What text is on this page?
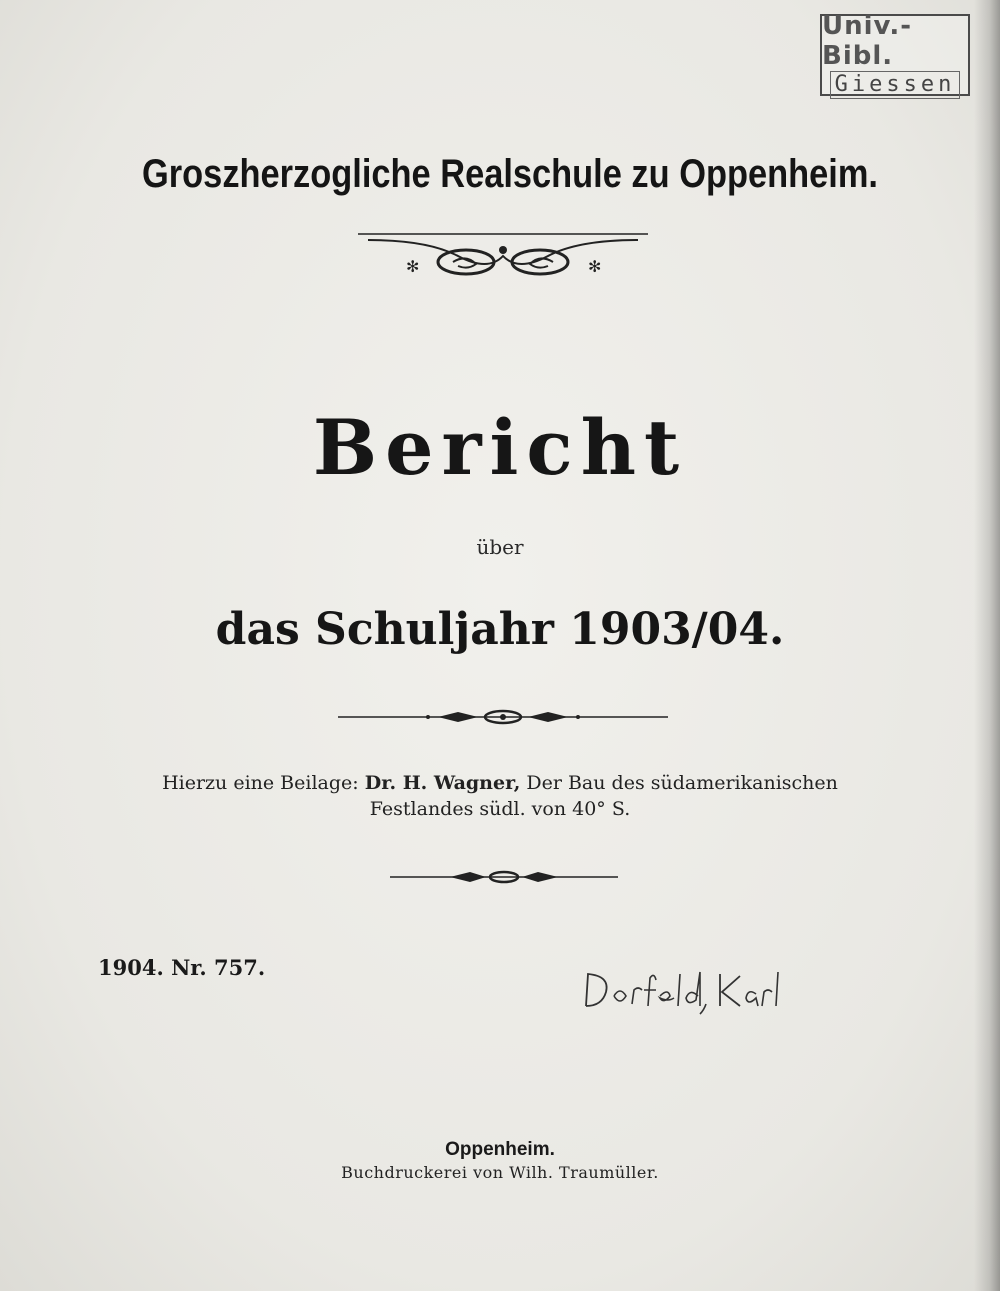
Univ.-Bibl.
Giessen
Groszherzogliche Realschule zu Oppenheim.
✻	✻
Bericht
über
das Schuljahr 1903/04.
Hierzu eine Beilage: Dr. H. Wagner, Der Bau des südamerikanischen
Festlandes südl. von 40° S.
1904. Nr. 757.
Oppenheim.
Buchdruckerei von Wilh. Traumüller.
